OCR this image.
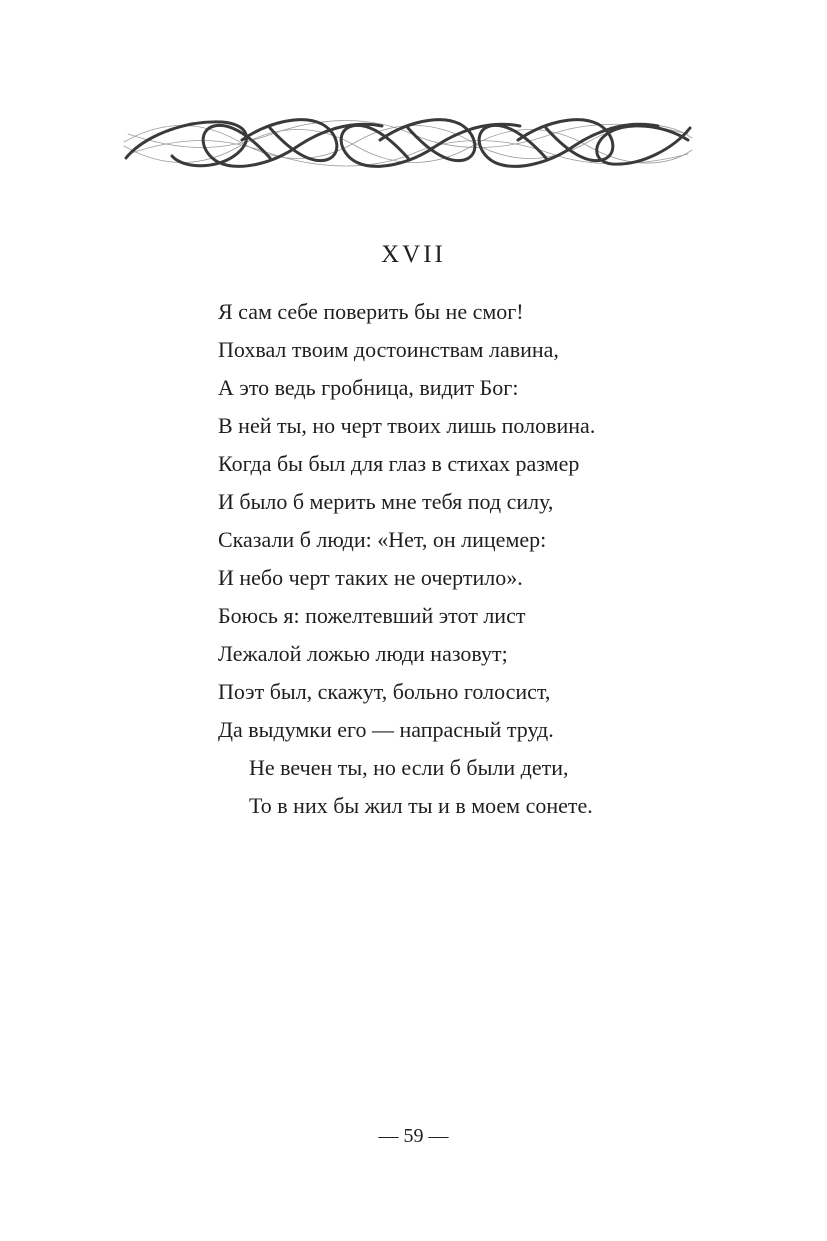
XVII
Я сам себе поверить бы не смог!
Похвал твоим достоинствам лавина,
А это ведь гробница, видит Бог:
В ней ты, но черт твоих лишь половина.
Когда бы был для глаз в стихах размер
И было б мерить мне тебя под силу,
Сказали б люди: «Нет, он лицемер:
И небо черт таких не очертило».
Боюсь я: пожелтевший этот лист
Лежалой ложью люди назовут;
Поэт был, скажут, больно голосист,
Да выдумки его — напрасный труд.
Не вечен ты, но если б были дети,
То в них бы жил ты и в моем сонете.
— 59 —
